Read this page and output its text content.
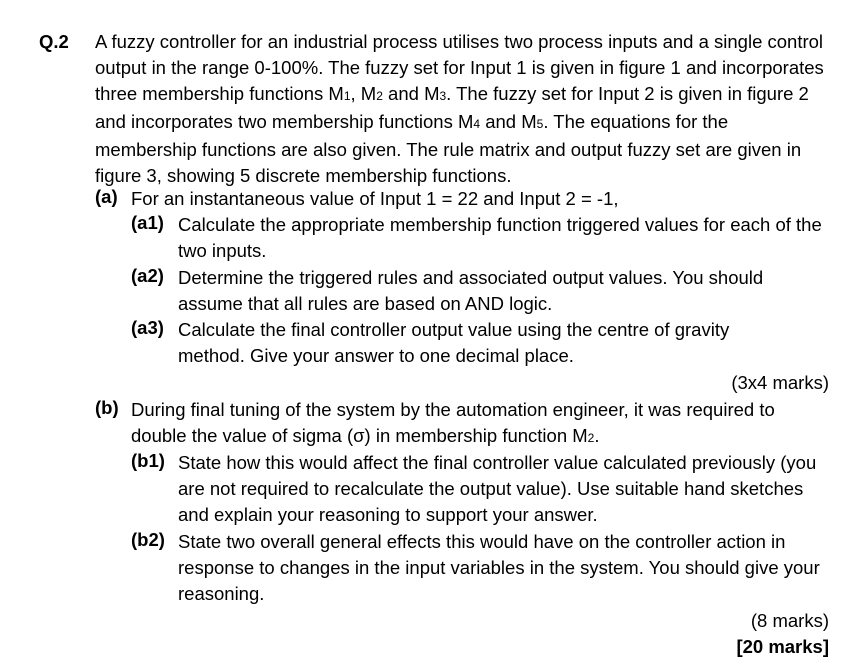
Q.2 A fuzzy controller for an industrial process utilises two process inputs and a single control output in the range 0-100%. The fuzzy set for Input 1 is given in figure 1 and incorporates three membership functions M1, M2 and M3. The fuzzy set for Input 2 is given in figure 2 and incorporates two membership functions M4 and M5. The equations for the membership functions are also given. The rule matrix and output fuzzy set are given in figure 3, showing 5 discrete membership functions.
(a) For an instantaneous value of Input 1 = 22 and Input 2 = -1,
(a1) Calculate the appropriate membership function triggered values for each of the two inputs.
(a2) Determine the triggered rules and associated output values. You should assume that all rules are based on AND logic.
(a3) Calculate the final controller output value using the centre of gravity method. Give your answer to one decimal place.
(3x4 marks)
(b) During final tuning of the system by the automation engineer, it was required to double the value of sigma (σ) in membership function M2.
(b1) State how this would affect the final controller value calculated previously (you are not required to recalculate the output value). Use suitable hand sketches and explain your reasoning to support your answer.
(b2) State two overall general effects this would have on the controller action in response to changes in the input variables in the system. You should give your reasoning.
(8 marks)
[20 marks]
